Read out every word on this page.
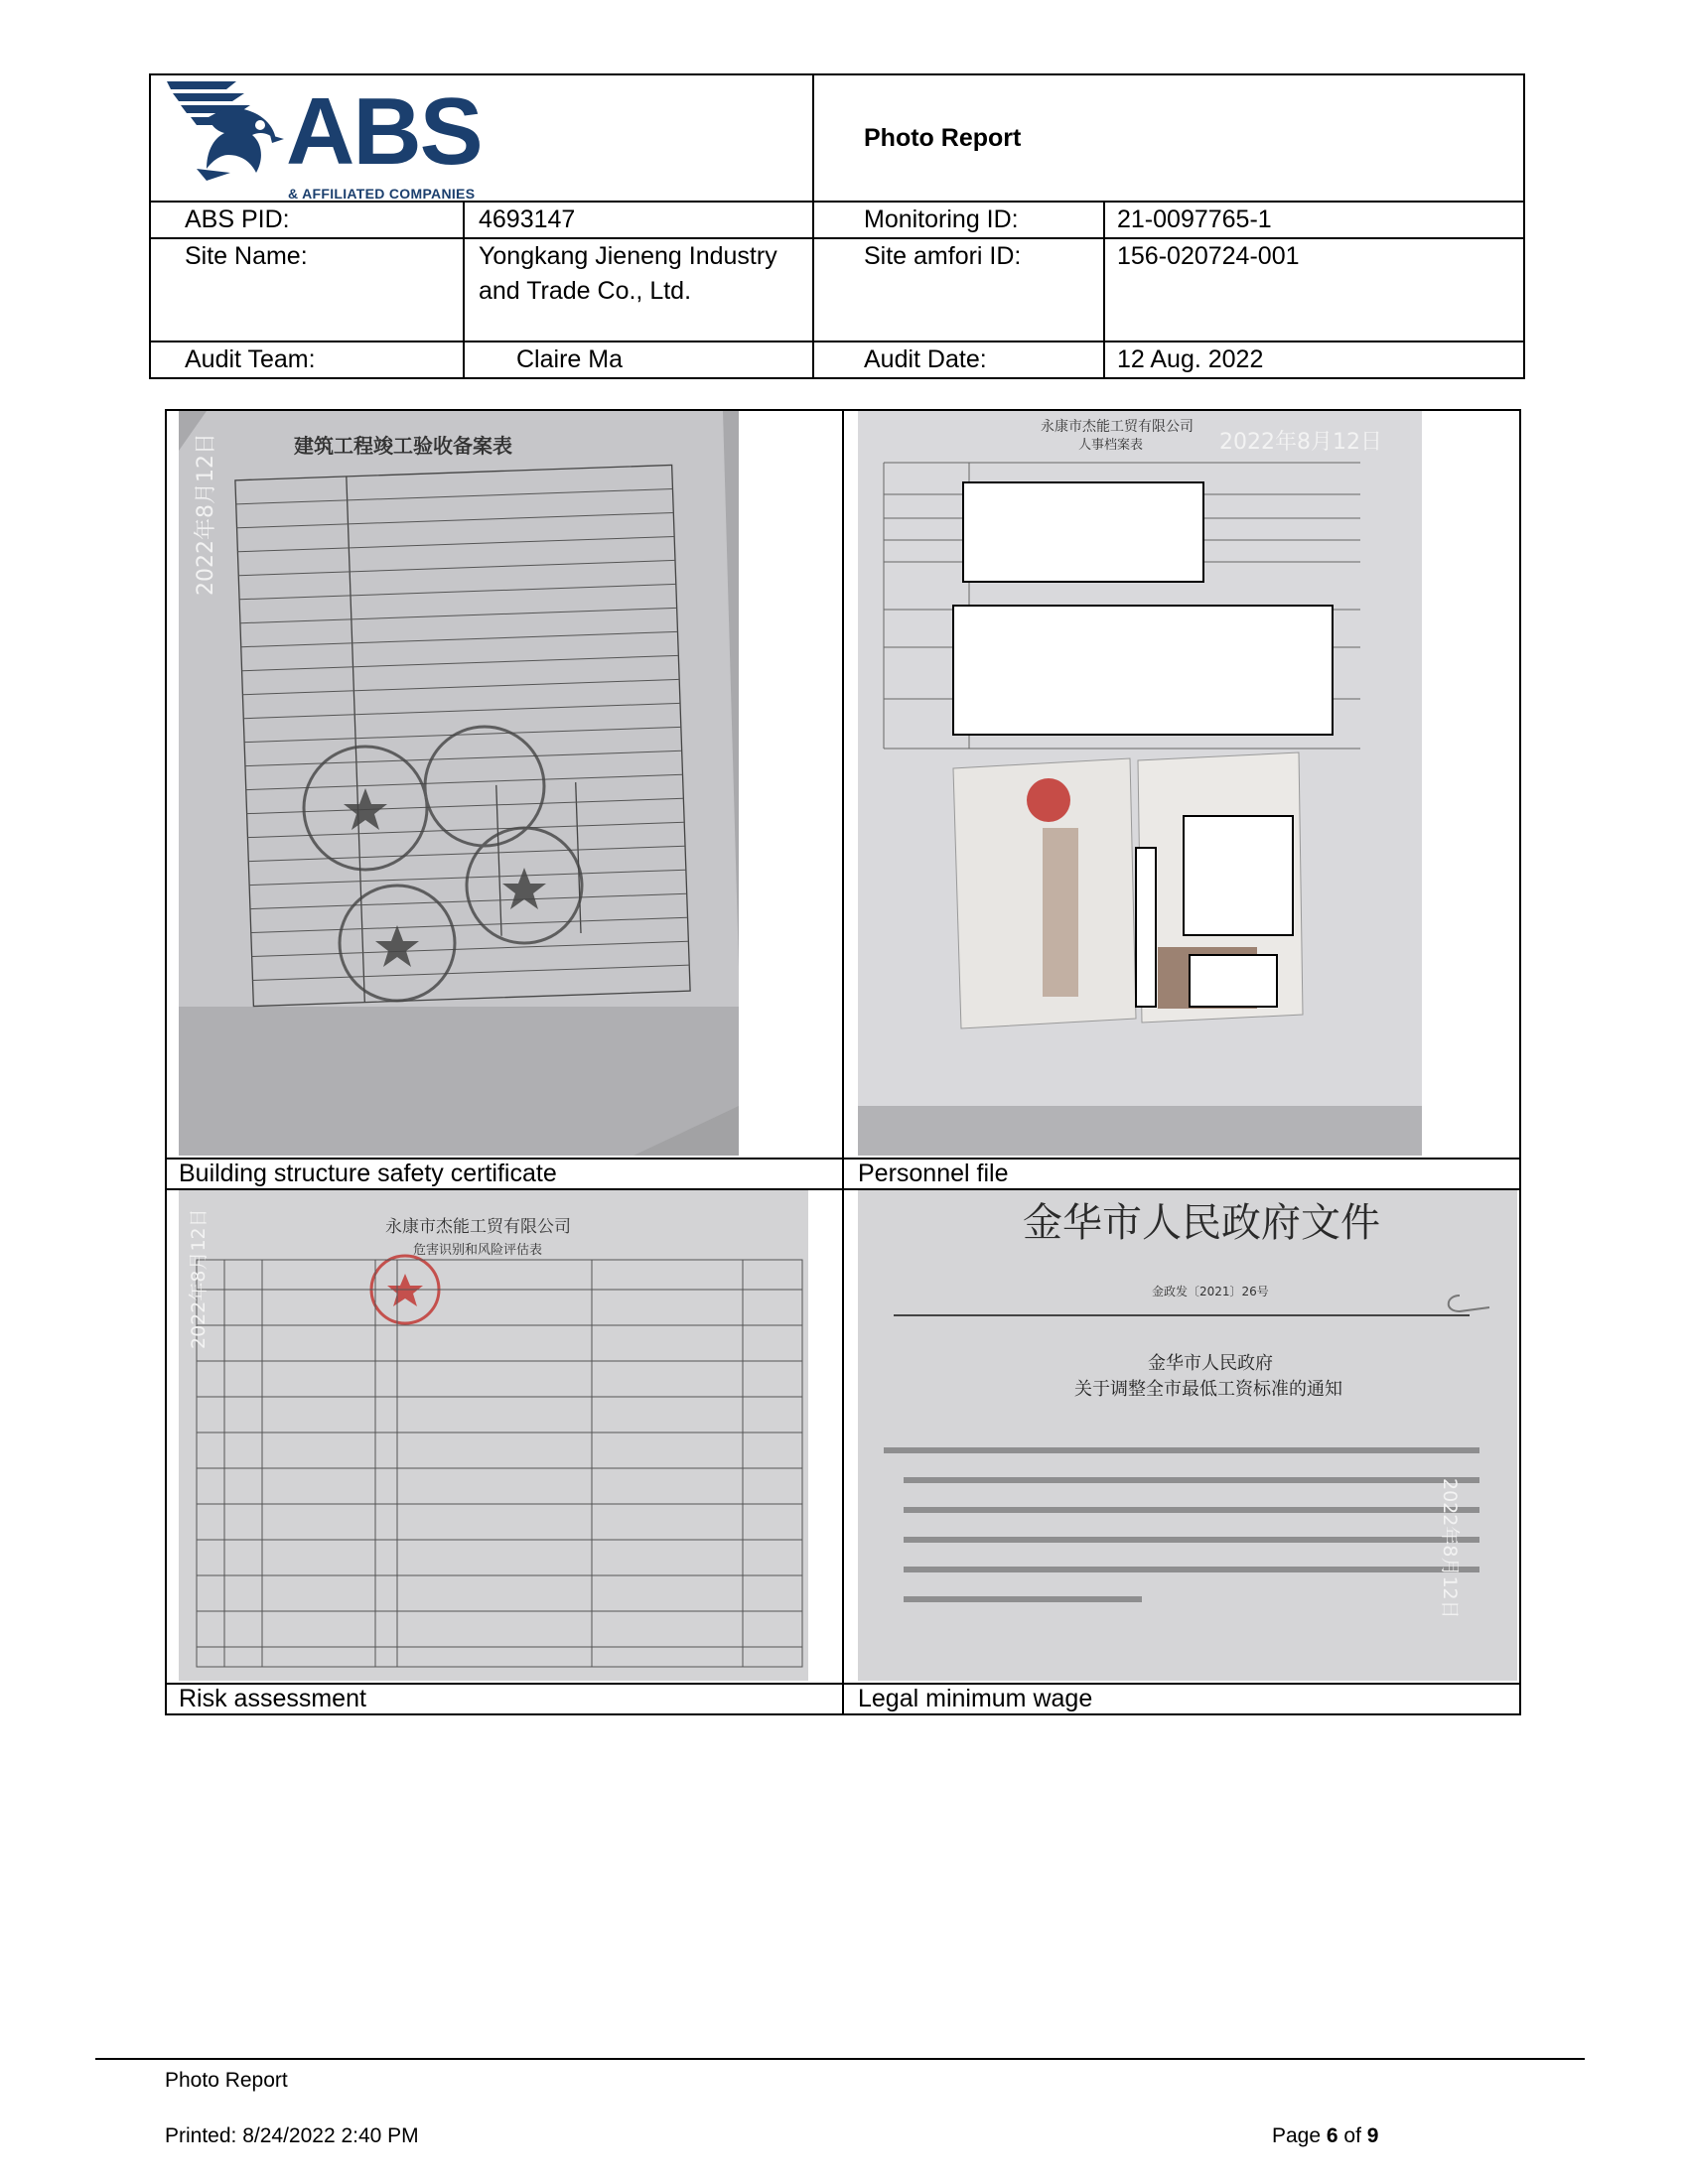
ABS
& AFFILIATED COMPANIES		Photo Report	
ABS PID:	4693147	Monitoring ID:	21-0097765-1
Site Name:	Yongkang Jieneng Industry and Trade Co., Ltd.	Site amfori ID:	156-020724-001
Audit Team:	Claire Ma	Audit Date:	12 Aug. 2022
建筑工程竣工验收备案表
2022年8月12日	永康市杰能工贸有限公司
人事档案表 2022年8月12日

Building structure safety certificate	Personnel file

永康市杰能工贸有限公司
危害识别和风险评估表
2022年8月12日	金华市人民政府文件
金政发〔2021〕26号
金华市人民政府
关于调整全市最低工资标准的通知
2022年8月12日

Risk assessment	Legal minimum wage
Photo Report
Printed: 8/24/2022 2:40 PM	Page 6 of 9
